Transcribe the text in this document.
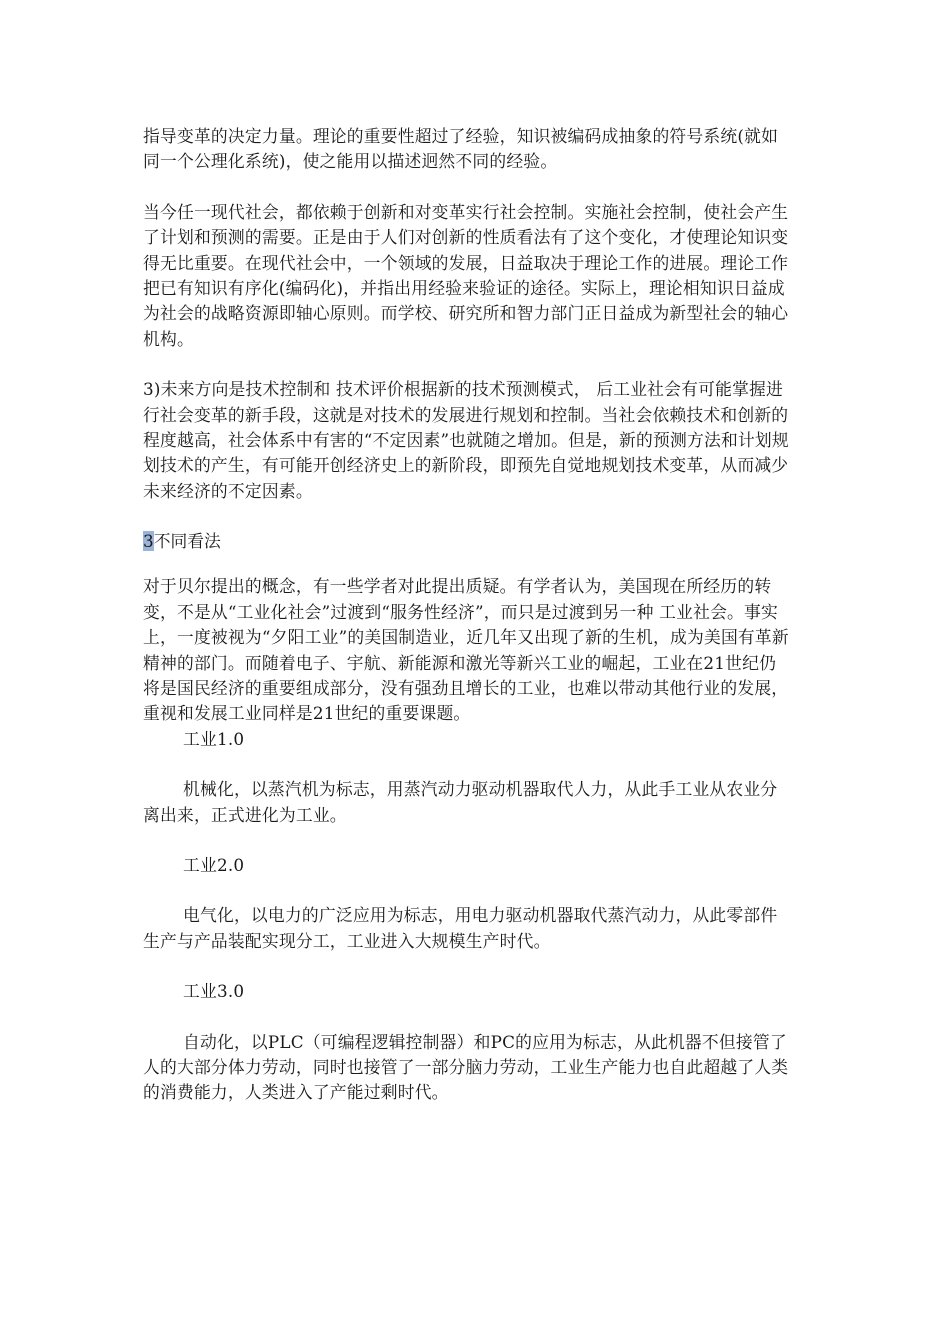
指导变革的决定力量。理论的重要性超过了经验，知识被编码成抽象的符号系统(就如同一个公理化系统)，使之能用以描述迥然不同的经验。

当今任一现代社会，都依赖于创新和对变革实行社会控制。实施社会控制，使社会产生了计划和预测的需要。正是由于人们对创新的性质看法有了这个变化，才使理论知识变得无比重要。在现代社会中，一个领域的发展，日益取决于理论工作的进展。理论工作把已有知识有序化(编码化)，并指出用经验来验证的途径。实际上，理论相知识日益成为社会的战略资源即轴心原则。而学校、研究所和智力部门正日益成为新型社会的轴心机构。

3)未来方向是技术控制和 技术评价根据新的技术预测模式， 后工业社会有可能掌握进行社会变革的新手段，这就是对技术的发展进行规划和控制。当社会依赖技术和创新的程度越高，社会体系中有害的“不定因素”也就随之增加。但是，新的预测方法和计划规划技术的产生，有可能开创经济史上的新阶段，即预先自觉地规划技术变革，从而减少未来经济的不定因素。

3不同看法

对于贝尔提出的概念，有一些学者对此提出质疑。有学者认为，美国现在所经历的转变，不是从“工业化社会”过渡到“服务性经济”，而只是过渡到另一种 工业社会。事实上，一度被视为“夕阳工业”的美国制造业，近几年又出现了新的生机，成为美国有革新精神的部门。而随着电子、宇航、新能源和激光等新兴工业的崛起，工业在21世纪仍将是国民经济的重要组成部分，没有强劲且增长的工业，也难以带动其他行业的发展，重视和发展工业同样是21世纪的重要课题。

工业1.0

机械化，以蒸汽机为标志，用蒸汽动力驱动机器取代人力，从此手工业从农业分离出来，正式进化为工业。

工业2.0

电气化，以电力的广泛应用为标志，用电力驱动机器取代蒸汽动力，从此零部件生产与产品装配实现分工，工业进入大规模生产时代。

工业3.0

自动化，以PLC（可编程逻辑控制器）和PC的应用为标志，从此机器不但接管了人的大部分体力劳动，同时也接管了一部分脑力劳动，工业生产能力也自此超越了人类的消费能力，人类进入了产能过剩时代。
